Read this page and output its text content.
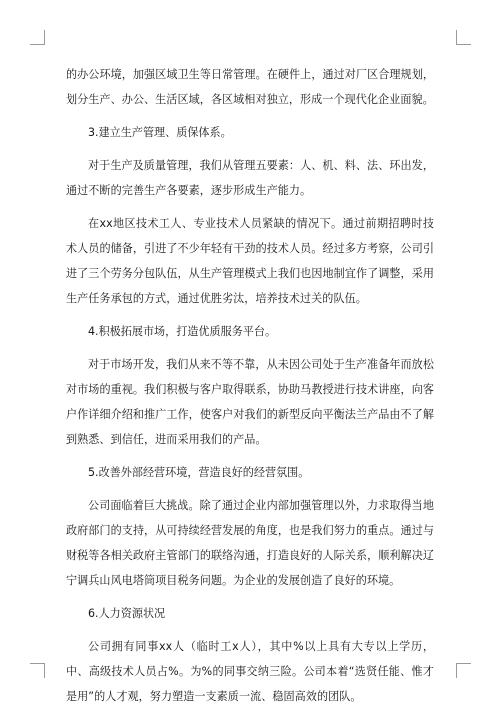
的办公环境，加强区域卫生等日常管理。在硬件上，通过对厂区合理规划，划分生产、办公、生活区域，各区域相对独立，形成一个现代化企业面貌。

3.建立生产管理、质保体系。

对于生产及质量管理，我们从管理五要素：人、机、料、法、环出发，通过不断的完善生产各要素，逐步形成生产能力。

在xx地区技术工人、专业技术人员紧缺的情况下。通过前期招聘时技术人员的储备，引进了不少年轻有干劲的技术人员。经过多方考察，公司引进了三个劳务分包队伍，从生产管理模式上我们也因地制宜作了调整，采用生产任务承包的方式，通过优胜劣汰，培养技术过关的队伍。

4.积极拓展市场，打造优质服务平台。

对于市场开发，我们从来不等不靠，从未因公司处于生产准备年而放松对市场的重视。我们积极与客户取得联系，协助马教授进行技术讲座，向客户作详细介绍和推广工作，使客户对我们的新型反向平衡法兰产品由不了解到熟悉、到信任，进而采用我们的产品。

5.改善外部经营环境，营造良好的经营氛围。

公司面临着巨大挑战。除了通过企业内部加强管理以外，力求取得当地政府部门的支持，从可持续经营发展的角度，也是我们努力的重点。通过与财税等各相关政府主管部门的联络沟通，打造良好的人际关系，顺利解决辽宁调兵山风电塔筒项目税务问题。为企业的发展创造了良好的环境。

6.人力资源状况

公司拥有同事xx人（临时工x人），其中%以上具有大专以上学历，中、高级技术人员占%。为%的同事交纳三险。公司本着“选贤任能、惟才是用”的人才观，努力塑造一支素质一流、稳固高效的团队。
